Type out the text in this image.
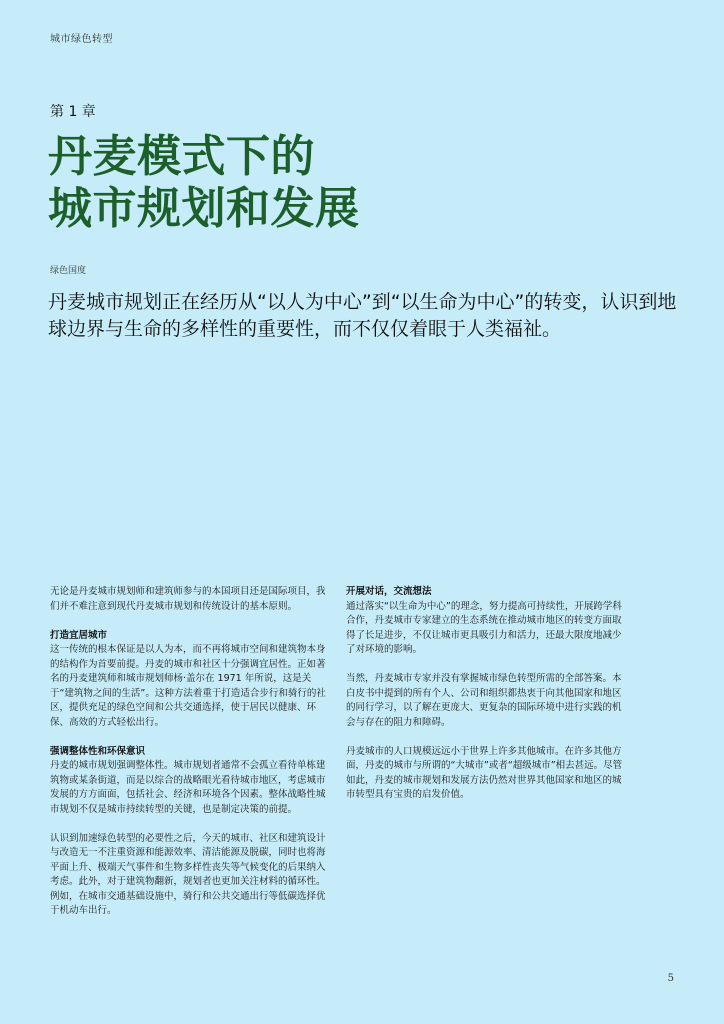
城市绿色转型
第 1 章
丹麦模式下的
城市规划和发展
绿色国度

丹麦城市规划正在经历从“以人为中心”到“以生命为中心”的转变，认识到地球边界与生命的多样性的重要性，而不仅仅着眼于人类福祉。

无论是丹麦城市规划师和建筑师参与的本国项目还是国际项目，我们并不难注意到现代丹麦城市规划和传统设计的基本原则。

打造宜居城市

这一传统的根本保证是以人为本，而不再将城市空间和建筑物本身的结构作为首要前提。丹麦的城市和社区十分强调宜居性。正如著名的丹麦建筑师和城市规划师杨·盖尔在 1971 年所说，这是关于“建筑物之间的生活”。这种方法着重于打造适合步行和骑行的社区，提供充足的绿色空间和公共交通选择，使于居民以健康、环保、高效的方式轻松出行。

强调整体性和环保意识

丹麦的城市规划强调整体性。城市规划者通常不会孤立看待单栋建筑物或某条街道，而是以综合的战略眼光看待城市地区，考虑城市发展的方方面面，包括社会、经济和环境各个因素。整体战略性城市规划不仅是城市持续转型的关键，也是制定决策的前提。

认识到加速绿色转型的必要性之后，今天的城市、社区和建筑设计与改造无一不注重资源和能源效率、清洁能源及脱碳，同时也将海平面上升、极端天气事件和生物多样性丧失等气候变化的后果纳入考虑。此外，对于建筑物翻新，规划者也更加关注材料的循环性。例如，在城市交通基础设施中，骑行和公共交通出行等低碳选择优于机动车出行。

开展对话，交流想法

通过落实“以生命为中心”的理念，努力提高可持续性，开展跨学科合作，丹麦城市专家建立的生态系统在推动城市地区的转变方面取得了长足进步，不仅让城市更具吸引力和活力，还最大限度地减少了对环境的影响。

当然，丹麦城市专家并没有掌握城市绿色转型所需的全部答案。本白皮书中提到的所有个人、公司和组织都热衷于向其他国家和地区的同行学习，以了解在更庞大、更复杂的国际环境中进行实践的机会与存在的阻力和障碍。

丹麦城市的人口规模远远小于世界上许多其他城市。在许多其他方面，丹麦的城市与所谓的“大城市”或者“超级城市”相去甚远。尽管如此，丹麦的城市规划和发展方法仍然对世界其他国家和地区的城市转型具有宝贵的启发价值。

5
